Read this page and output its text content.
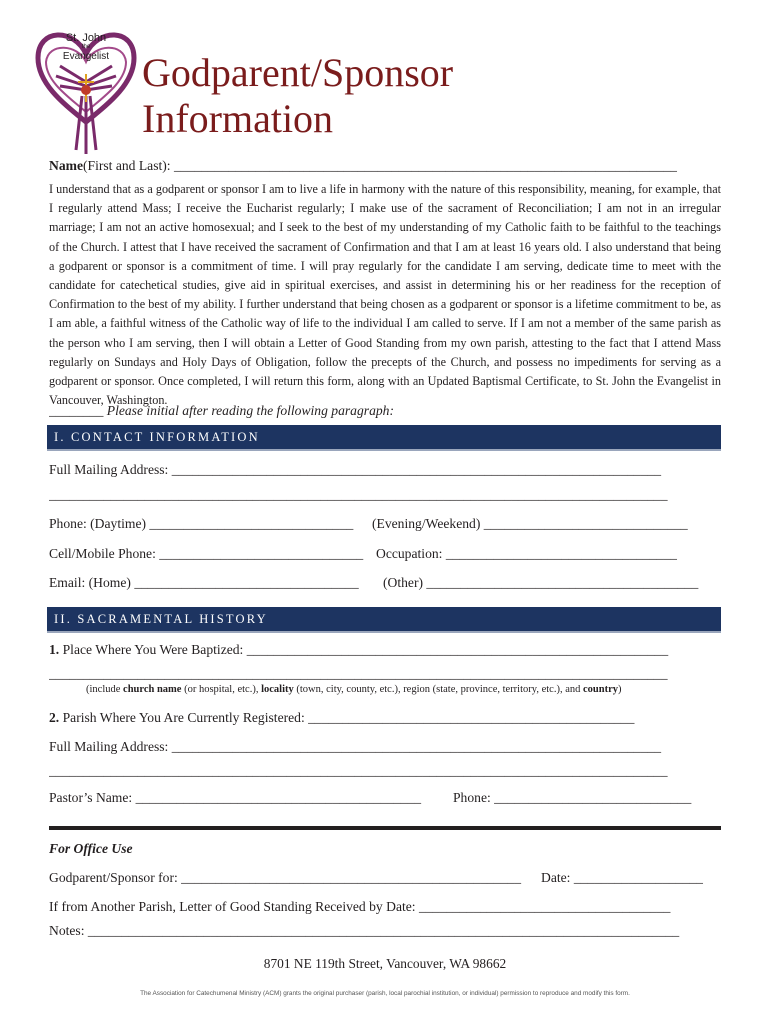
St. John
the
Evangelist Godparent/Sponsor
Information
Name(First and Last): __________________________________________________________________________
I understand that as a godparent or sponsor I am to live a life in harmony with the nature of this responsibility, meaning, for example, that I regularly attend Mass; I receive the Eucharist regularly; I make use of the sacrament of Reconciliation; I am not in an irregular marriage; I am not an active homosexual; and I seek to the best of my understanding of my Catholic faith to be faithful to the teachings of the Church. I attest that I have received the sacrament of Confirmation and that I am at least 16 years old. I also understand that being a godparent or sponsor is a commitment of time. I will pray regularly for the candidate I am serving, dedicate time to meet with the candidate for catechetical studies, give aid in spiritual exercises, and assist in determining his or her readiness for the reception of Confirmation to the best of my ability. I further understand that being chosen as a godparent or sponsor is a lifetime commitment to be, as I am able, a faithful witness of the Catholic way of life to the individual I am called to serve. If I am not a member of the same parish as the person who I am serving, then I will obtain a Letter of Good Standing from my own parish, attesting to the fact that I attend Mass regularly on Sundays and Holy Days of Obligation, follow the precepts of the Church, and possess no impediments for serving as a godparent or sponsor. Once completed, I will return this form, along with an Updated Baptismal Certificate, to St. John the Evangelist in Vancouver, Washington.
________ Please initial after reading the following paragraph:
I. CONTACT INFORMATION
Full Mailing Address: ________________________________________________________________________
___________________________________________________________________________________________
Phone: (Daytime) ______________________________	(Evening/Weekend) ______________________________
Cell/Mobile Phone: ______________________________ Occupation: __________________________________
Email: (Home) _________________________________	(Other) ________________________________________
II. SACRAMENTAL HISTORY
1. Place Where You Were Baptized: ______________________________________________________________
___________________________________________________________________________________________
(include church name (or hospital, etc.), locality (town, city, county, etc.), region (state, province, territory, etc.), and country)
2. Parish Where You Are Currently Registered: ________________________________________________
Full Mailing Address: ________________________________________________________________________
___________________________________________________________________________________________
Pastor’s Name: __________________________________________	Phone: _____________________________
For Office Use
Godparent/Sponsor for: __________________________________________________	Date: ___________________
If from Another Parish, Letter of Good Standing Received by Date: _____________________________________
Notes: _______________________________________________________________________________________
8701 NE 119th Street, Vancouver, WA 98662
The Association for Catechumenal Ministry (ACM) grants the original purchaser (parish, local parochial institution, or individual) permission to reproduce and modify this form.
